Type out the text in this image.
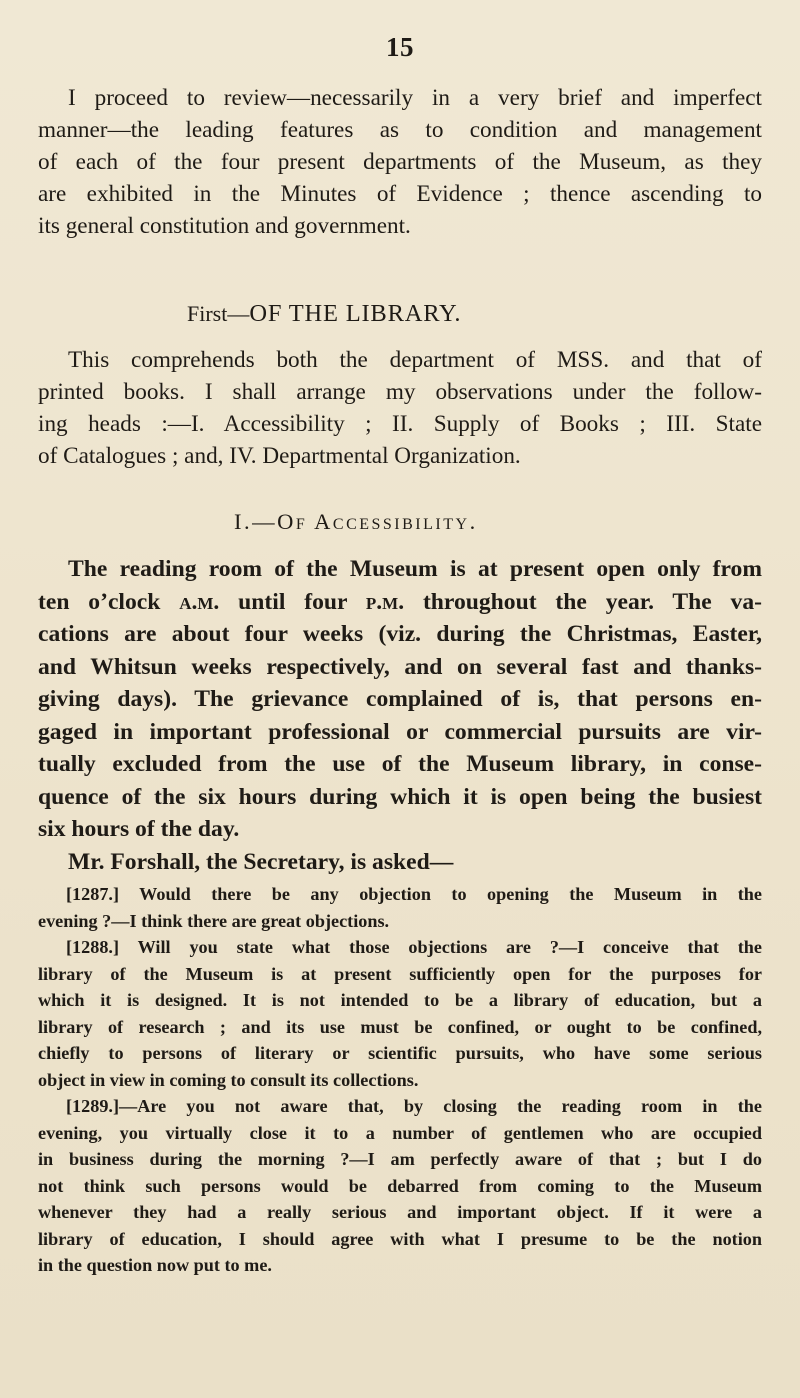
15
I proceed to review—necessarily in a very brief and imperfect
manner—the leading features as to condition and management
of each of the four present departments of the Museum, as they
are exhibited in the Minutes of Evidence ; thence ascending to
its general constitution and government.
First—OF THE LIBRARY.
This comprehends both the department of MSS. and that of
printed books. I shall arrange my observations under the follow-
ing heads :—I. Accessibility ; II. Supply of Books ; III. State
of Catalogues ; and, IV. Departmental Organization.
I.—Of Accessibility.
The reading room of the Museum is at present open only from
ten o’clock a.m. until four p.m. throughout the year. The va-
cations are about four weeks (viz. during the Christmas, Easter,
and Whitsun weeks respectively, and on several fast and thanks-
giving days). The grievance complained of is, that persons en-
gaged in important professional or commercial pursuits are vir-
tually excluded from the use of the Museum library, in conse-
quence of the six hours during which it is open being the busiest
six hours of the day.
Mr. Forshall, the Secretary, is asked—
[1287.] Would there be any objection to opening the Museum in the
evening ?—I think there are great objections.
[1288.] Will you state what those objections are ?—I conceive that the
library of the Museum is at present sufficiently open for the purposes for
which it is designed. It is not intended to be a library of education, but a
library of research ; and its use must be confined, or ought to be confined,
chiefly to persons of literary or scientific pursuits, who have some serious
object in view in coming to consult its collections.
[1289.]—Are you not aware that, by closing the reading room in the
evening, you virtually close it to a number of gentlemen who are occupied
in business during the morning ?—I am perfectly aware of that ; but I do
not think such persons would be debarred from coming to the Museum
whenever they had a really serious and important object. If it were a
library of education, I should agree with what I presume to be the notion
in the question now put to me.
